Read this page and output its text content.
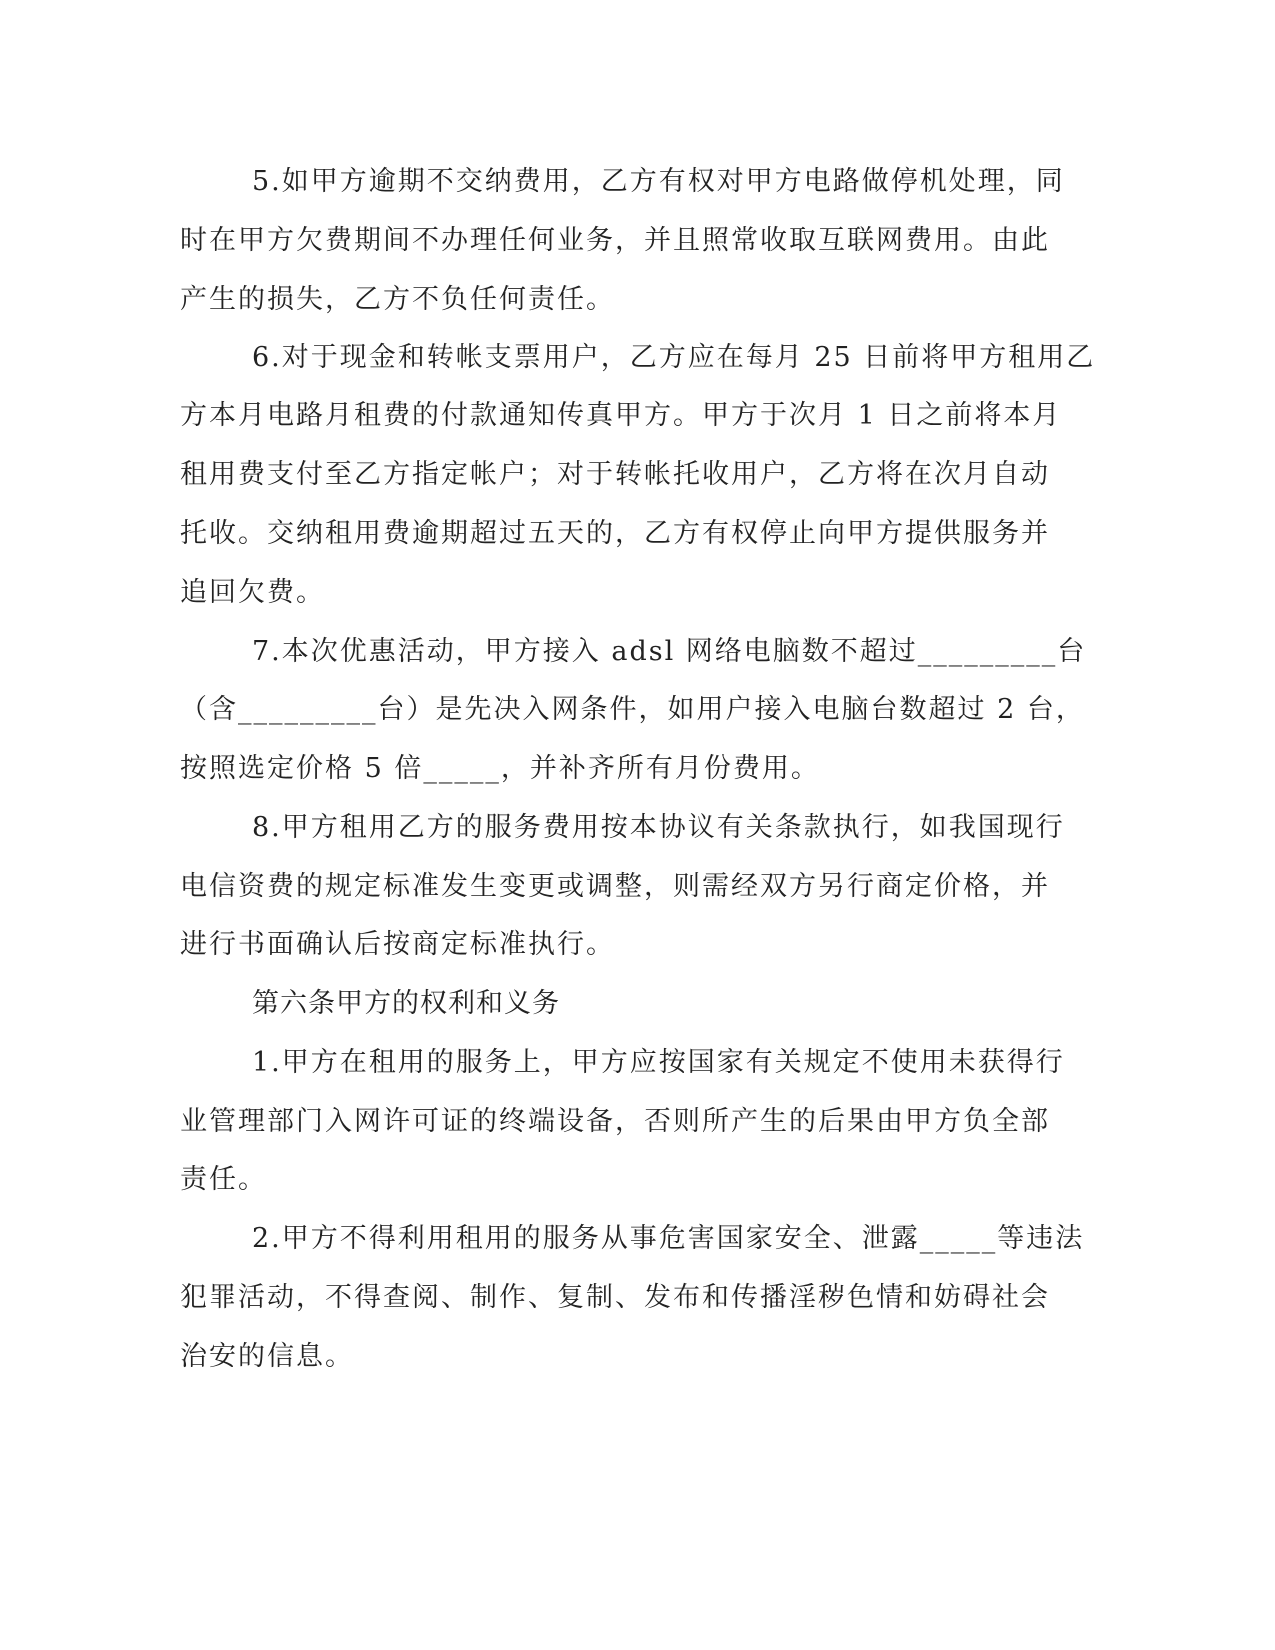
5.如甲方逾期不交纳费用，乙方有权对甲方电路做停机处理，同
时在甲方欠费期间不办理任何业务，并且照常收取互联网费用。由此
产生的损失，乙方不负任何责任。
6.对于现金和转帐支票用户，乙方应在每月 25 日前将甲方租用乙
方本月电路月租费的付款通知传真甲方。甲方于次月 1 日之前将本月
租用费支付至乙方指定帐户；对于转帐托收用户，乙方将在次月自动
托收。交纳租用费逾期超过五天的，乙方有权停止向甲方提供服务并
追回欠费。
7.本次优惠活动，甲方接入 adsl 网络电脑数不超过_________台
（含_________台）是先决入网条件，如用户接入电脑台数超过 2 台，
按照选定价格 5 倍_____，并补齐所有月份费用。
8.甲方租用乙方的服务费用按本协议有关条款执行，如我国现行
电信资费的规定标准发生变更或调整，则需经双方另行商定价格，并
进行书面确认后按商定标准执行。
第六条甲方的权利和义务
1.甲方在租用的服务上，甲方应按国家有关规定不使用未获得行
业管理部门入网许可证的终端设备，否则所产生的后果由甲方负全部
责任。
2.甲方不得利用租用的服务从事危害国家安全、泄露_____等违法
犯罪活动，不得查阅、制作、复制、发布和传播淫秽色情和妨碍社会
治安的信息。
